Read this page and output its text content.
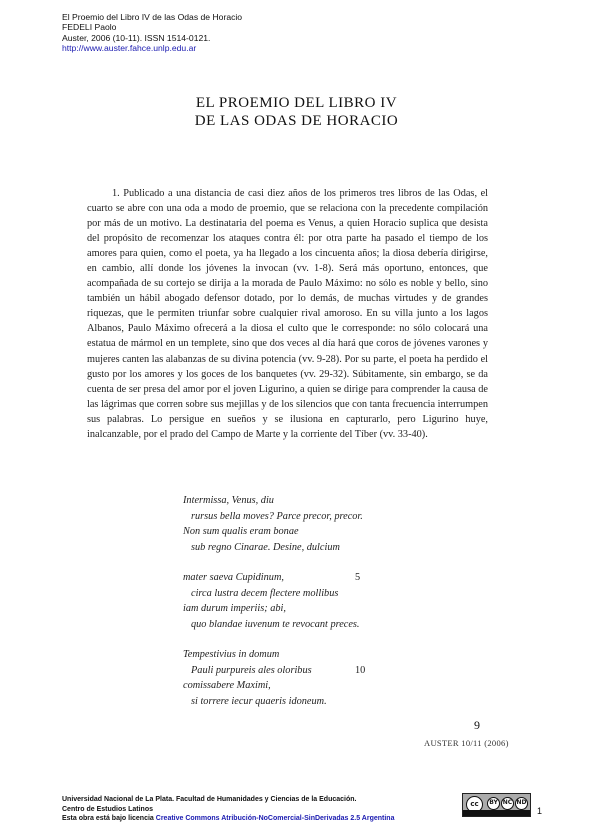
El Proemio del Libro IV de las Odas de Horacio
FEDELI Paolo
Auster, 2006 (10-11). ISSN 1514-0121.
http://www.auster.fahce.unlp.edu.ar
EL PROEMIO DEL LIBRO IV
DE LAS ODAS DE HORACIO

1. Publicado a una distancia de casi diez años de los primeros tres libros de las Odas, el cuarto se abre con una oda a modo de proemio, que se relaciona con la precedente compilación por más de un motivo. La destinataria del poema es Venus, a quien Horacio suplica que desista del propósito de recomenzar los ataques contra él: por otra parte ha pasado el tiempo de los amores para quien, como el poeta, ya ha llegado a los cincuenta años; la diosa debería dirigirse, en cambio, allí donde los jóvenes la invocan (vv. 1-8). Será más oportuno, entonces, que acompañada de su cortejo se dirija a la morada de Paulo Máximo: no sólo es noble y bello, sino también un hábil abogado defensor dotado, por lo demás, de muchas virtudes y de grandes riquezas, que le permiten triunfar sobre cualquier rival amoroso. En su villa junto a los lagos Albanos, Paulo Máximo ofrecerá a la diosa el culto que le corresponde: no sólo colocará una estatua de mármol en un templete, sino que dos veces al día hará que coros de jóvenes varones y mujeres canten las alabanzas de su divina potencia (vv. 9-28). Por su parte, el poeta ha perdido el gusto por los amores y los goces de los banquetes (vv. 29-32). Súbitamente, sin embargo, se da cuenta de ser presa del amor por el joven Ligurino, a quien se dirige para comprender la causa de las lágrimas que corren sobre sus mejillas y de los silencios que con tanta frecuencia interrumpen sus palabras. Lo persigue en sueños y se ilusiona en capturarlo, pero Ligurino huye, inalcanzable, por el prado del Campo de Marte y la corriente del Tíber (vv. 33-40).

Intermissa, Venus, diu
rursus bella moves? Parce precor, precor.
Non sum qualis eram bonae
sub regno Cinarae. Desine, dulcium
mater saeva Cupidinum,	5
circa lustra decem flectere mollibus
iam durum imperiis; abi,
quo blandae iuvenum te revocant preces.
Tempestivius in domum
Pauli purpureis ales oloribus	10
comissabere Maximi,
si torrere iecur quaeris idoneum.
9
AUSTER 10/11 (2006)
Universidad Nacional de La Plata. Facultad de Humanidades y Ciencias de la Educación.
Centro de Estudios Latinos
Esta obra está bajo licencia Creative Commons Atribución-NoComercial-SinDerivadas 2.5 Argentina
cc	BY NC ND
1
